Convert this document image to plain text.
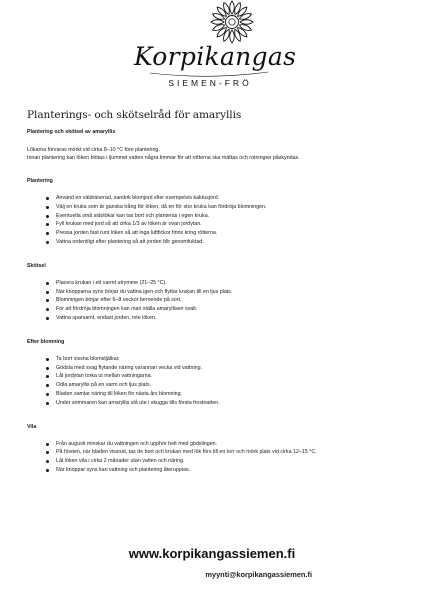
Korpikangas
SIEMEN-FRÖ
Planterings- och skötselråd för amaryllis
Plantering och skötsel av amaryllis

Lökarna förvaras mörkt vid cirka 8–10 °C före plantering.

Innan plantering kan löken blötas i ljummet vatten några timmar för att rötterna ska mättas och rotningen påskyndas.

Plantering
Använd en väldränerad, sandrik blomjord eller exempelvis kaktusjord.
Välj en kruka som är ganska trång för löken, då en för stor kruka kan fördröja blomningen.
Eventuella små sidolökar kan tas bort och planteras i egen kruka.
Fyll krukan med jord så att cirka 1/3 av löken är ovan jordytan.
Pressa jorden fast runt löken så att inga luftfickor finns kring rötterna.
Vattna ordentligt efter plantering så att jorden blir genomfuktad.
Skötsel
Placera krukan i ett varmt utrymme (21–25 °C).
När knopparna syns börjar du vattna igen och flyttar krukan till en ljus plats.
Blomningen börjar efter 6–8 veckor beroende på sort.
För att fördröja blomningen kan man ställa amaryllisen svalt.
Vattna sparsamt, endast jorden, inte löken.
Efter blomning
Ta bort vissna blomstjälkar.
Gödsla med svag flytande näring varannan vecka vid vattning.
Låt jordytan torka ut mellan vattningarna.
Odla amaryllis på en varm och ljus plats.
Bladen samlar näring till löken för nästa års blomning.
Under sommaren kan amaryllis stå ute i skugga tills första frostnatten.
Vila
Från augusti minskar du vattningen och upphör helt med gödslingen.
På hösten, när bladen vissnat, tas de bort och krukan med lök förs till en torr och mörk plats vid cirka 12–15 °C.
Låt löken vila i cirka 2 månader utan vatten och näring.
När knoppar syns kan vattning och plantering återupptas.
www.korpikangassiemen.fi
myynti@korpikangassiemen.fi
